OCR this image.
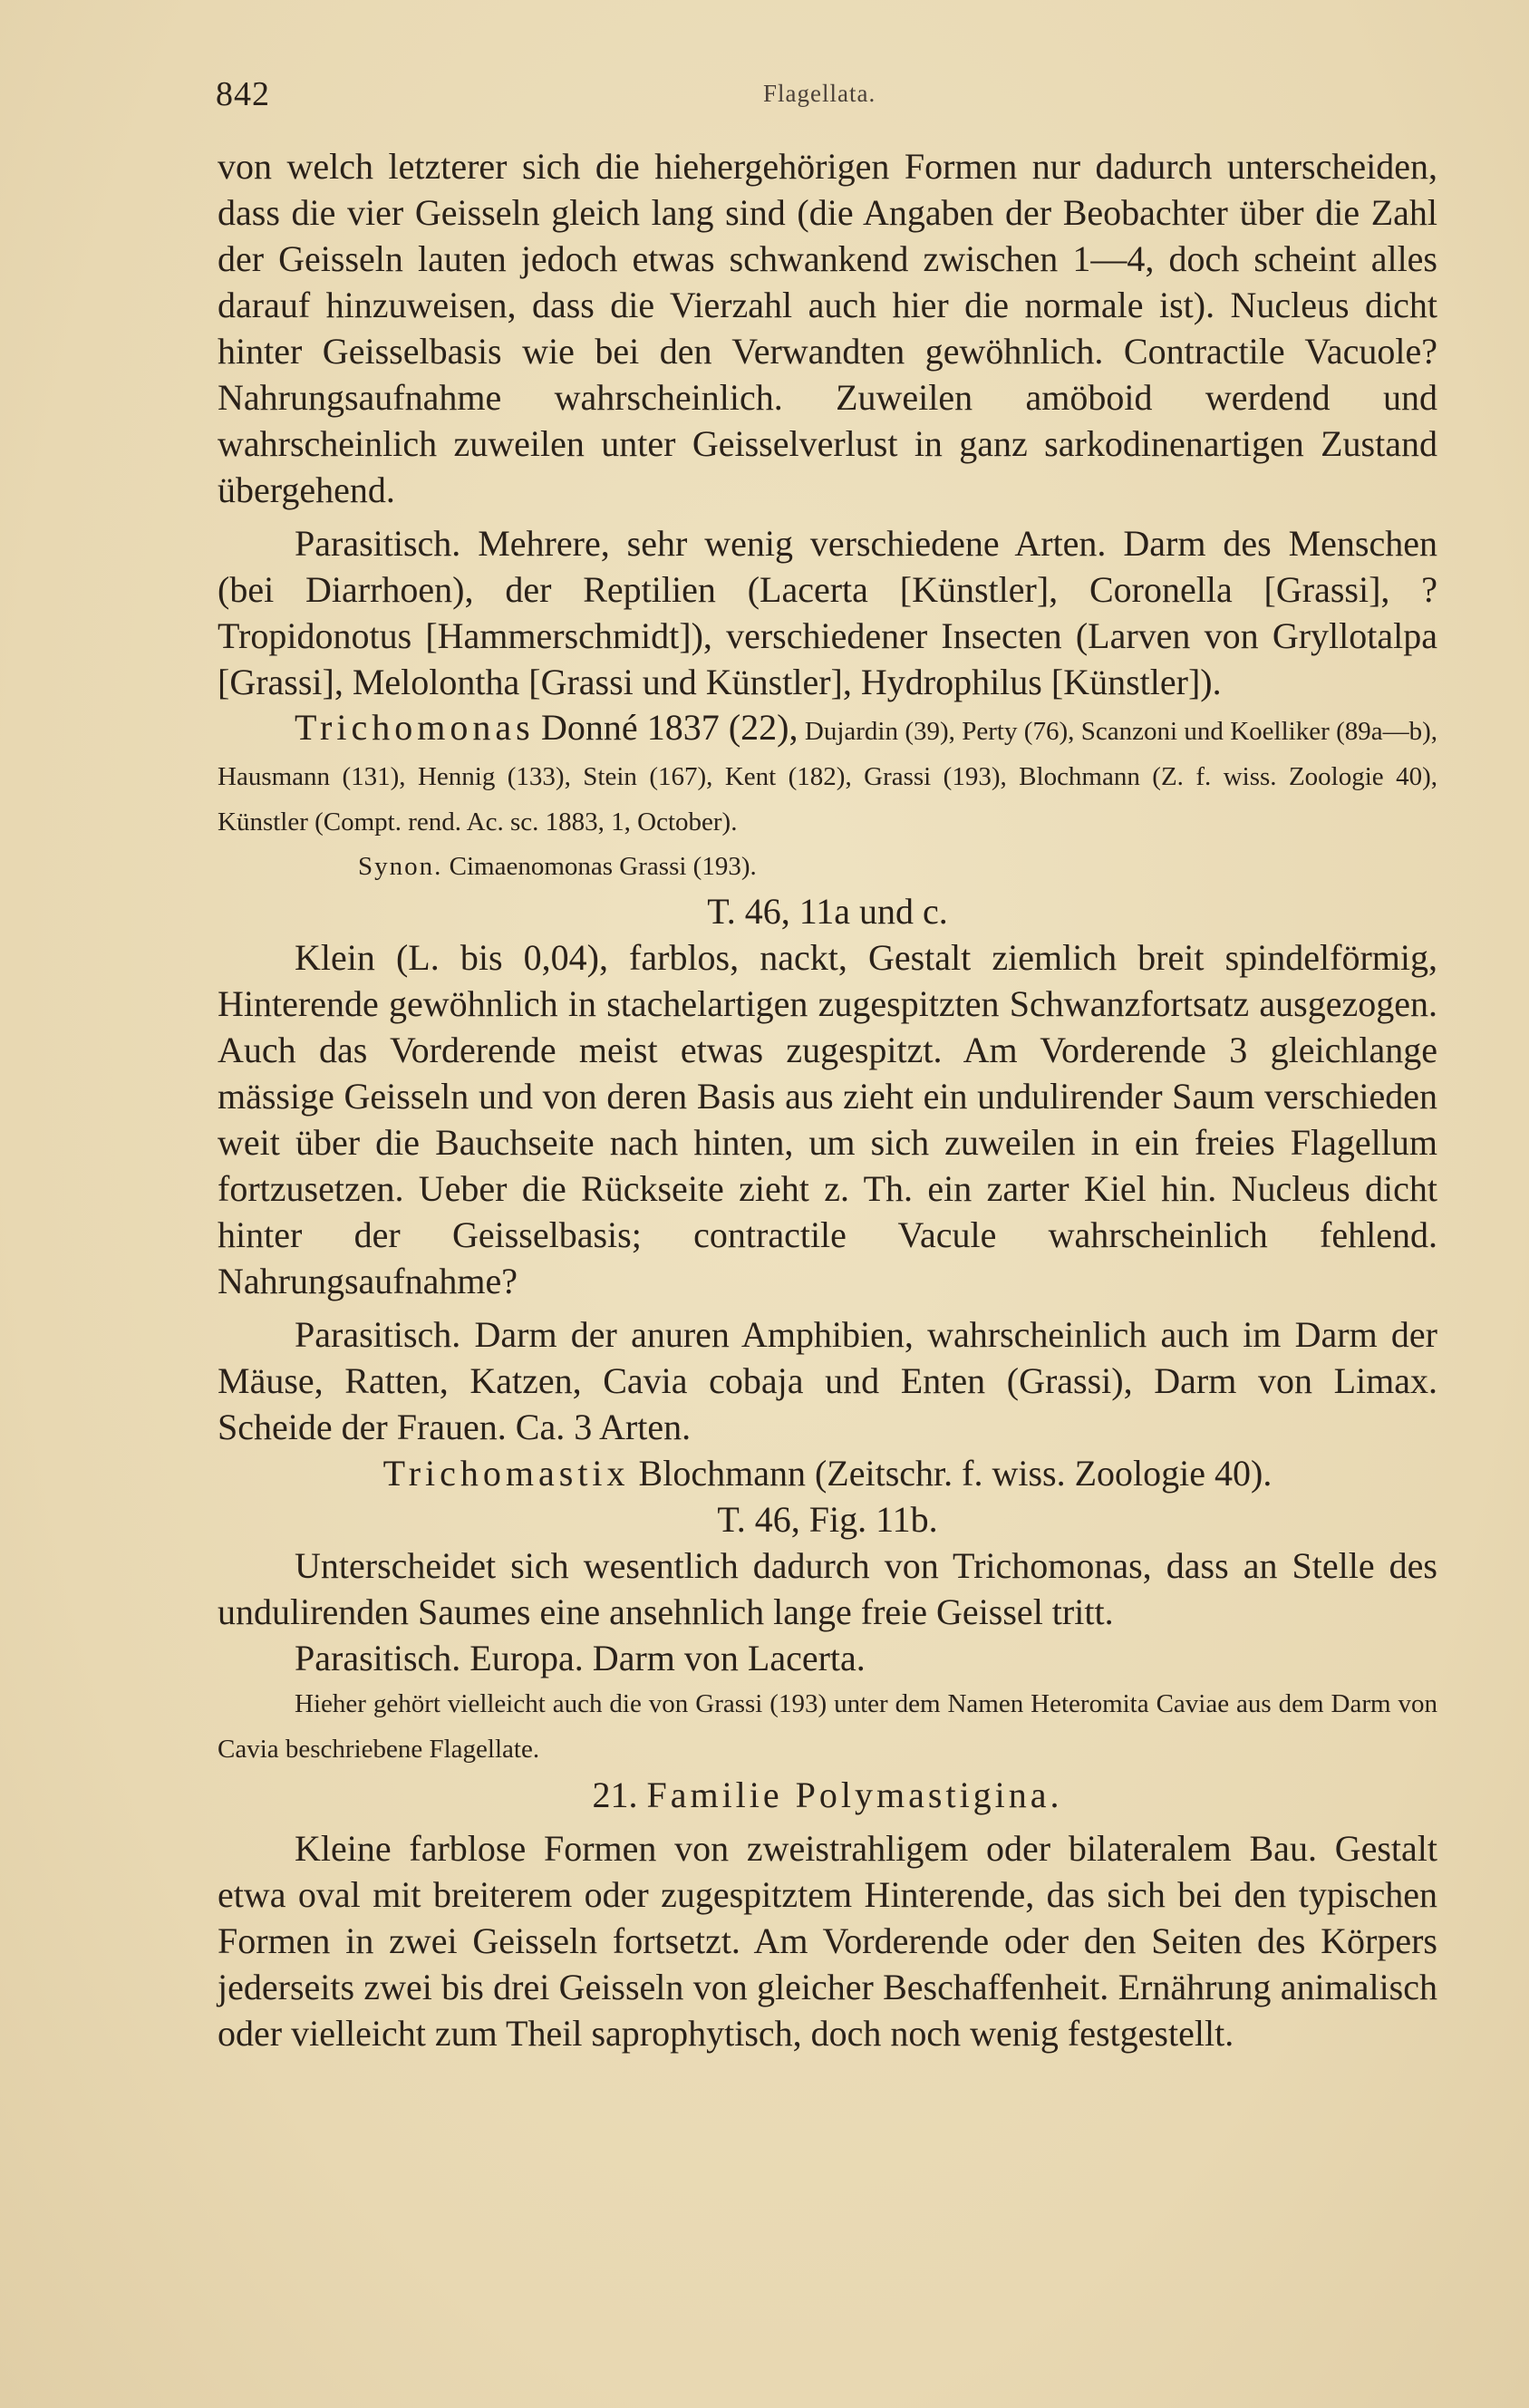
842	Flagellata.

von welch letzterer sich die hiehergehörigen Formen nur dadurch unterscheiden, dass die vier Geisseln gleich lang sind (die Angaben der Beobachter über die Zahl der Geisseln lauten jedoch etwas schwankend zwischen 1—4, doch scheint alles darauf hinzuweisen, dass die Vierzahl auch hier die normale ist). Nucleus dicht hinter Geisselbasis wie bei den Verwandten gewöhnlich. Contractile Vacuole? Nahrungsaufnahme wahrscheinlich. Zuweilen amöboid werdend und wahrscheinlich zuweilen unter Geisselverlust in ganz sarkodinenartigen Zustand übergehend.

Parasitisch. Mehrere, sehr wenig verschiedene Arten. Darm des Menschen (bei Diarrhoen), der Reptilien (Lacerta [Künstler], Coronella [Grassi], ? Tropidonotus [Hammerschmidt]), verschiedener Insecten (Larven von Gryllotalpa [Grassi], Melolontha [Grassi und Künstler], Hydrophilus [Künstler]).

Trichomonas Donné 1837 (22), Dujardin (39), Perty (76), Scanzoni und Koelliker (89a—b), Hausmann (131), Hennig (133), Stein (167), Kent (182), Grassi (193), Blochmann (Z. f. wiss. Zoologie 40), Künstler (Compt. rend. Ac. sc. 1883, 1, October).

Synon. Cimaenomonas Grassi (193).

T. 46, 11a und c.

Klein (L. bis 0,04), farblos, nackt, Gestalt ziemlich breit spindelförmig, Hinterende gewöhnlich in stachelartigen zugespitzten Schwanzfortsatz ausgezogen. Auch das Vorderende meist etwas zugespitzt. Am Vorderende 3 gleichlange mässige Geisseln und von deren Basis aus zieht ein undulirender Saum verschieden weit über die Bauchseite nach hinten, um sich zuweilen in ein freies Flagellum fortzusetzen. Ueber die Rückseite zieht z. Th. ein zarter Kiel hin. Nucleus dicht hinter der Geisselbasis; contractile Vacule wahrscheinlich fehlend. Nahrungsaufnahme?

Parasitisch. Darm der anuren Amphibien, wahrscheinlich auch im Darm der Mäuse, Ratten, Katzen, Cavia cobaja und Enten (Grassi), Darm von Limax. Scheide der Frauen. Ca. 3 Arten.

Trichomastix Blochmann (Zeitschr. f. wiss. Zoologie 40).

T. 46, Fig. 11b.

Unterscheidet sich wesentlich dadurch von Trichomonas, dass an Stelle des undulirenden Saumes eine ansehnlich lange freie Geissel tritt.

Parasitisch. Europa. Darm von Lacerta.

Hieher gehört vielleicht auch die von Grassi (193) unter dem Namen Heteromita Caviae aus dem Darm von Cavia beschriebene Flagellate.

21. Familie Polymastigina.

Kleine farblose Formen von zweistrahligem oder bilateralem Bau. Gestalt etwa oval mit breiterem oder zugespitztem Hinterende, das sich bei den typischen Formen in zwei Geisseln fortsetzt. Am Vorderende oder den Seiten des Körpers jederseits zwei bis drei Geisseln von gleicher Beschaffenheit. Ernährung animalisch oder vielleicht zum Theil saprophytisch, doch noch wenig festgestellt.
